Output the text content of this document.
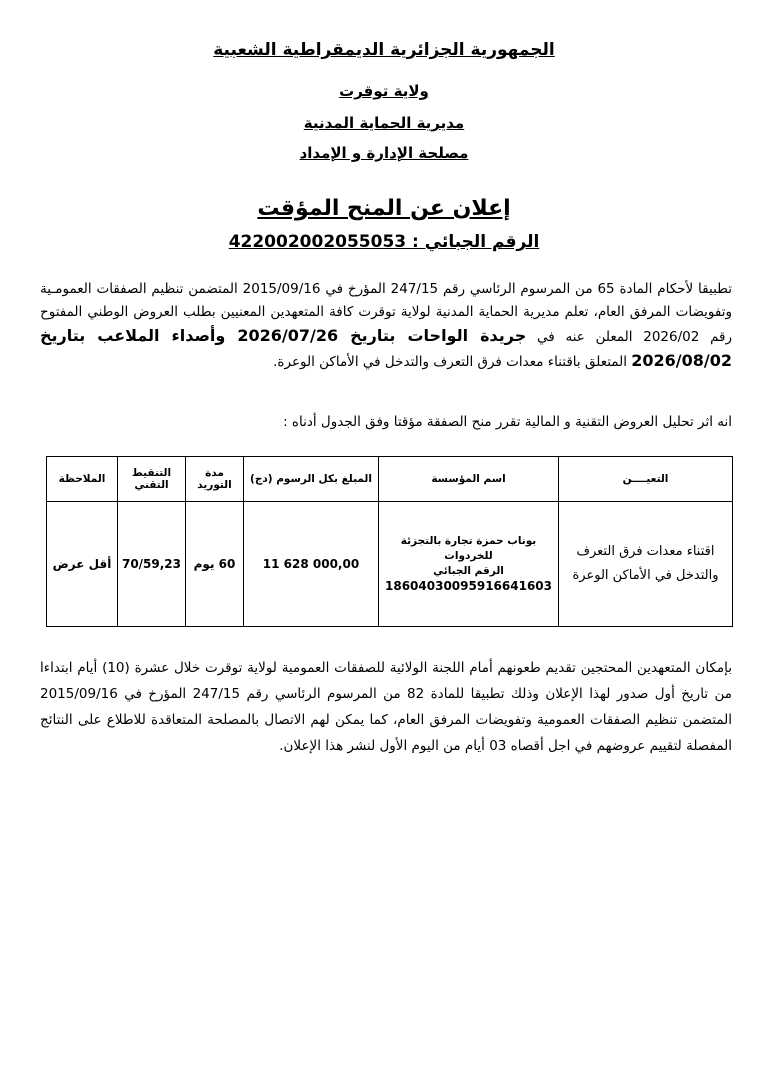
الجمهورية الجزائرية الديمقراطية الشعبية
ولاية توقرت
مديرية الحماية المدنية
مصلحة الإدارة و الإمداد
إعلان عن المنح المؤقت
الرقم الجبائي : 422002002055053
تطبيقا لأحكام المادة 65 من المرسوم الرئاسي رقم 247/15 المؤرخ في 2015/09/16 المتضمن تنظيم الصفقات العمومـية وتفويضات المرفق العام، تعلم مديرية الحماية المدنية لولاية توقرت كافة المتعهدين المعنيين بطلب العروض الوطني المفتوح رقم 2026/02 المعلن عنه في جريدة الواحات بتاريخ 2026/07/26 وأصداء الملاعب بتاريخ 2026/08/02 المتعلق باقتناء معدات فرق التعرف والتدخل في الأماكن الوعرة.
انه اثر تحليل العروض التقنية و المالية تقرر منح الصفقة مؤقتا وفق الجدول أدناه :
التعيــــن	اسم المؤسسة	المبلغ بكل الرسوم (دج)	مدة التوريد	التنقيط التقني	الملاحظة
اقتناء معدات فرق التعرف والتدخل في الأماكن الوعرة	بوناب حمزة تجارة بالتجزئة للخردوات
الرقم الجبائي
18604030095916641603	11 628 000,00	60 يوم	70/59,23	أقل عرض
بإمكان المتعهدين المحتجين تقديم طعونهم أمام اللجنة الولائية للصفقات العمومية لولاية توقرت خلال عشرة (10) أيام ابتداءا من تاريخ أول صدور لهذا الإعلان وذلك تطبيقا للمادة 82 من المرسوم الرئاسي رقم 247/15 المؤرخ في 2015/09/16 المتضمن تنظيم الصفقات العمومية وتفويضات المرفق العام، كما يمكن لهم الاتصال بالمصلحة المتعاقدة للاطلاع على النتائج المفصلة لتقييم عروضهم في اجل أقصاه 03 أيام من اليوم الأول لنشر هذا الإعلان.
